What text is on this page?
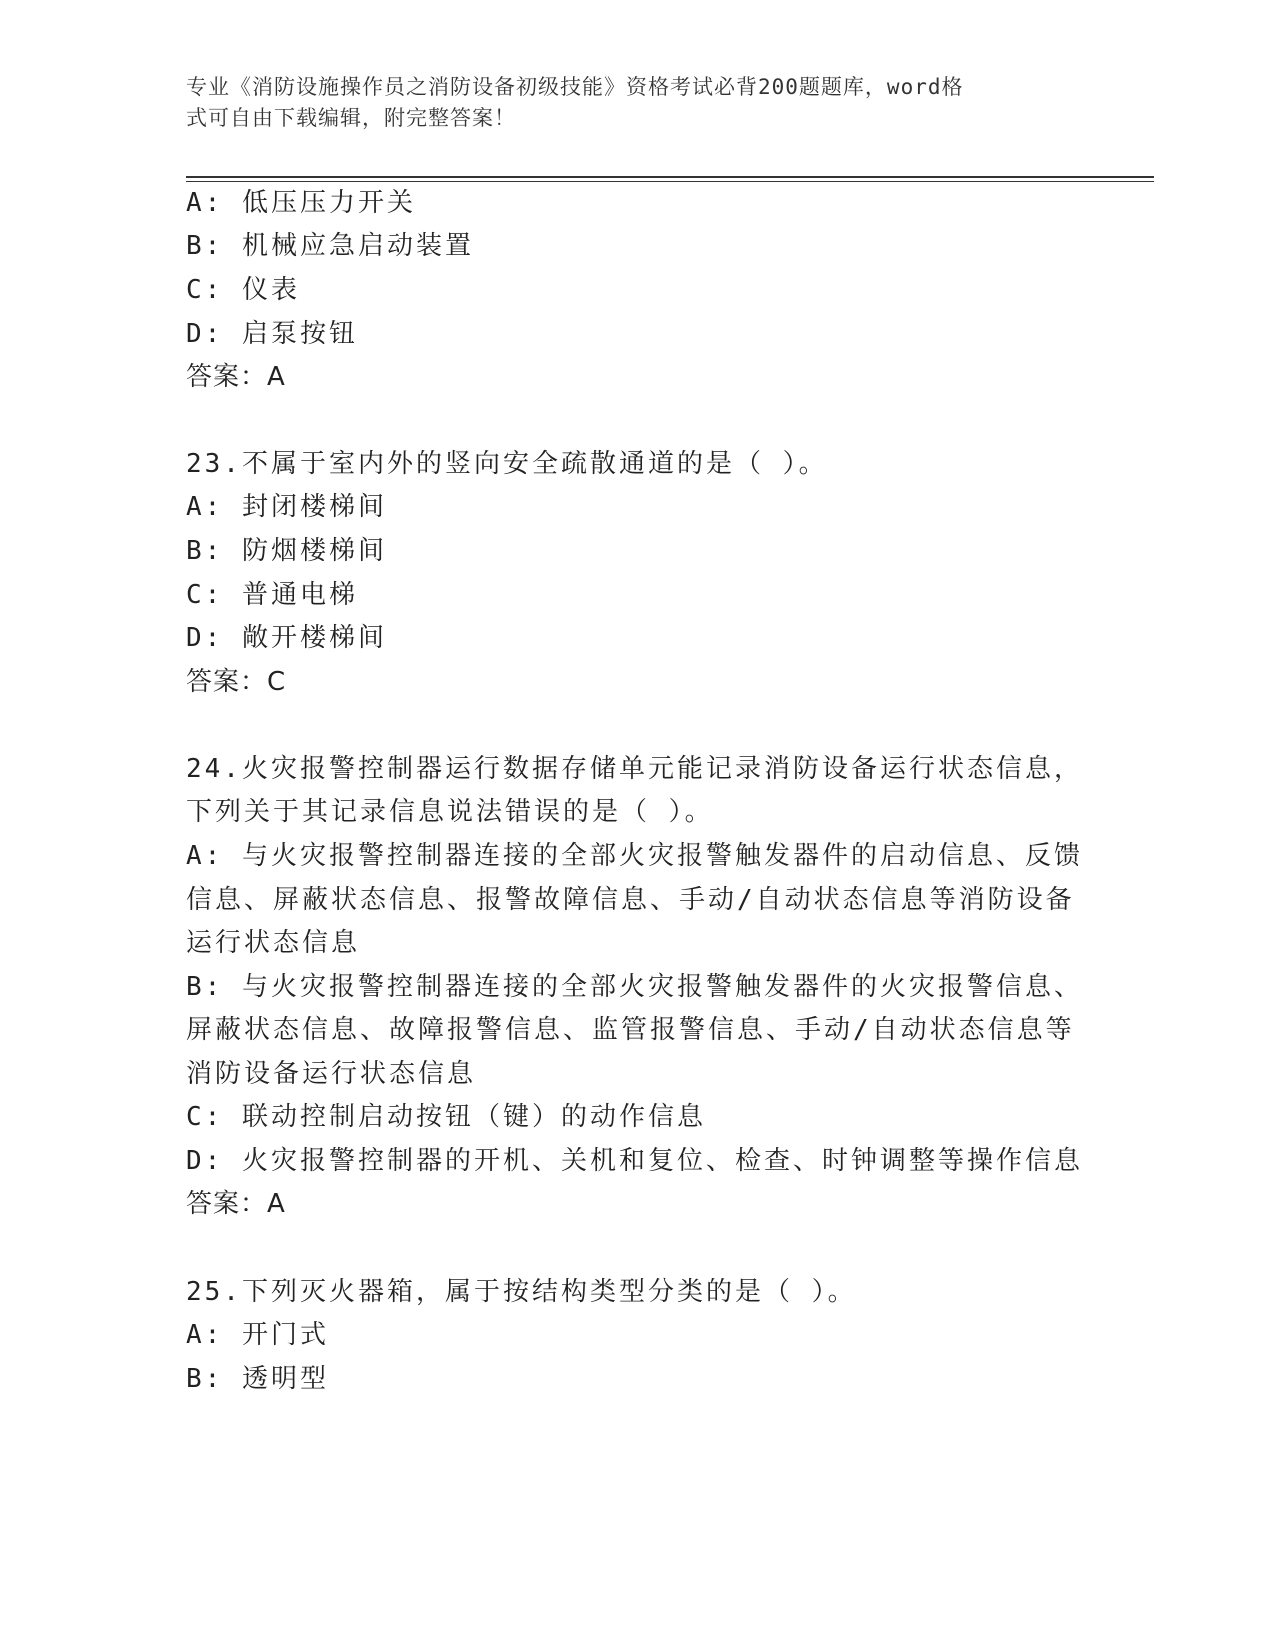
专业《消防设施操作员之消防设备初级技能》资格考试必背200题题库，word格
式可自由下载编辑，附完整答案！
A: 低压压力开关
B: 机械应急启动装置
C: 仪表
D: 启泵按钮
答案：A
23.不属于室内外的竖向安全疏散通道的是（ ）。
A: 封闭楼梯间
B: 防烟楼梯间
C: 普通电梯
D: 敞开楼梯间
答案：C
24.火灾报警控制器运行数据存储单元能记录消防设备运行状态信息，
下列关于其记录信息说法错误的是（ ）。
A: 与火灾报警控制器连接的全部火灾报警触发器件的启动信息、反馈
信息、屏蔽状态信息、报警故障信息、手动/自动状态信息等消防设备
运行状态信息
B: 与火灾报警控制器连接的全部火灾报警触发器件的火灾报警信息、
屏蔽状态信息、故障报警信息、监管报警信息、手动/自动状态信息等
消防设备运行状态信息
C: 联动控制启动按钮（键）的动作信息
D: 火灾报警控制器的开机、关机和复位、检查、时钟调整等操作信息
答案：A
25.下列灭火器箱，属于按结构类型分类的是（ ）。
A: 开门式
B: 透明型
